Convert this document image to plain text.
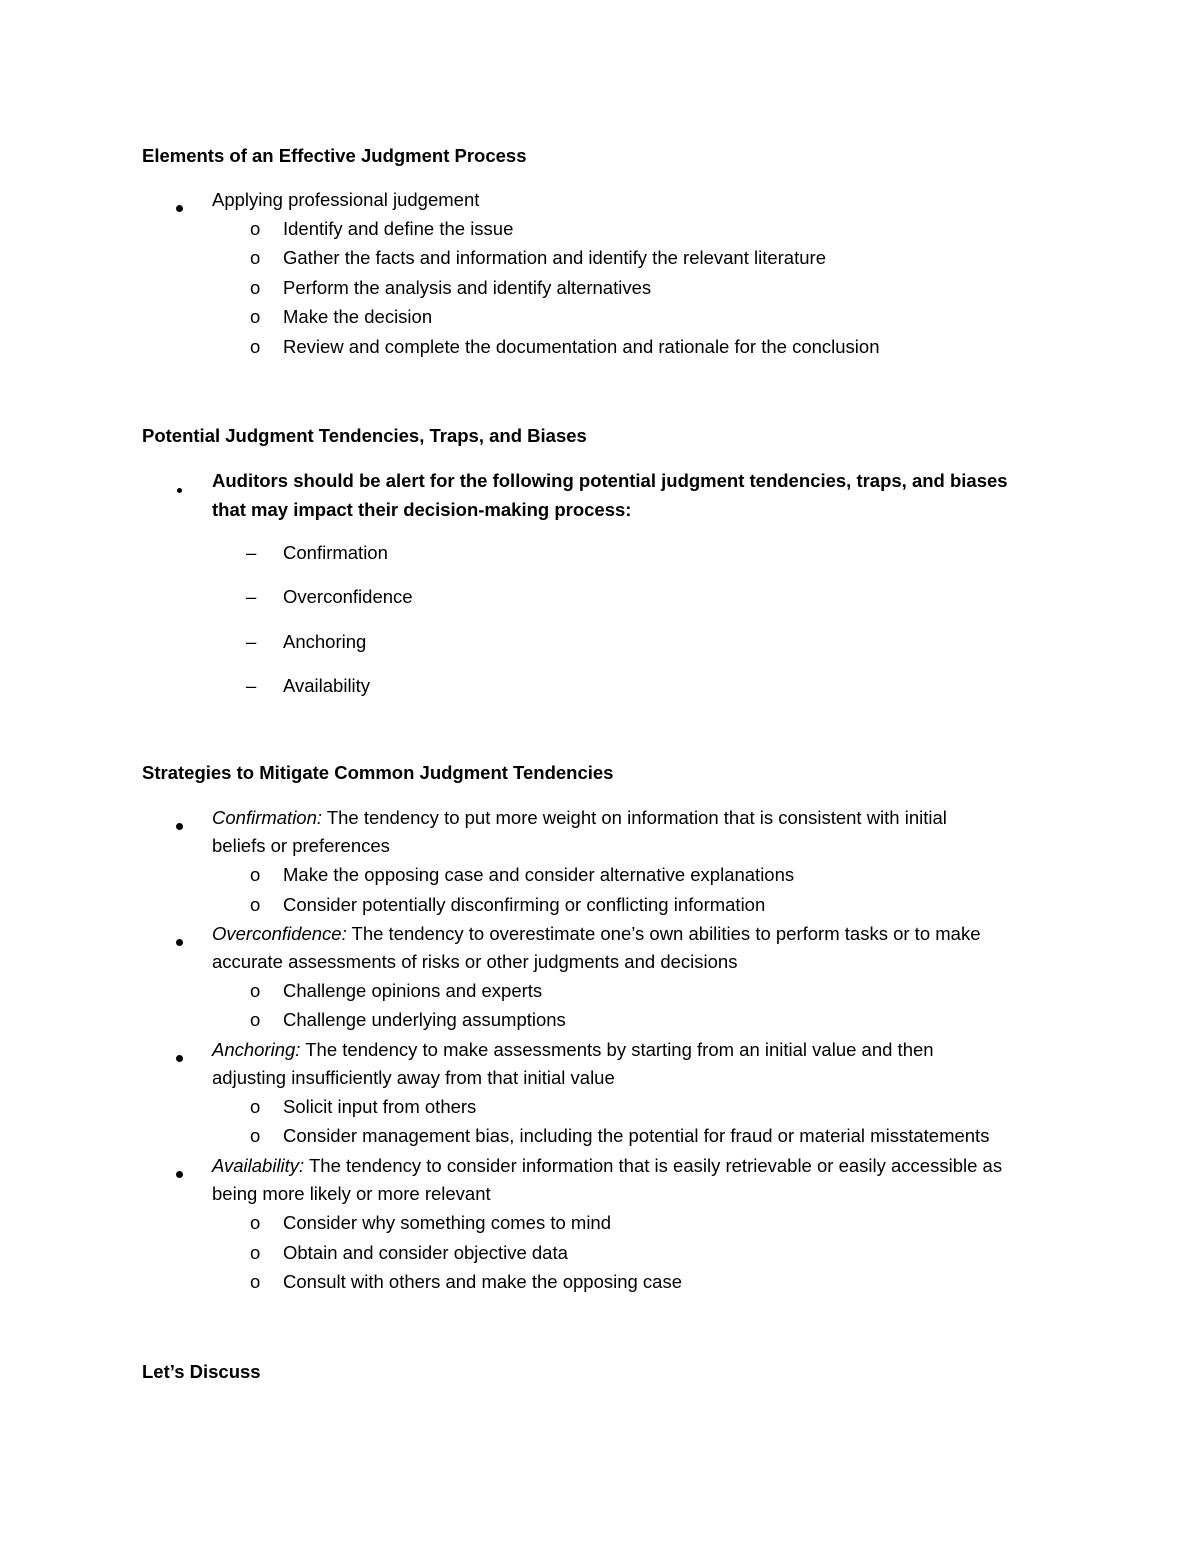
Elements of an Effective Judgment Process
Applying professional judgement
o Identify and define the issue
o Gather the facts and information and identify the relevant literature
o Perform the analysis and identify alternatives
o Make the decision
o Review and complete the documentation and rationale for the conclusion
Potential Judgment Tendencies, Traps, and Biases
Auditors should be alert for the following potential judgment tendencies, traps, and biases
that may impact their decision-making process:
– Confirmation
– Overconfidence
– Anchoring
– Availability
Strategies to Mitigate Common Judgment Tendencies
Confirmation: The tendency to put more weight on information that is consistent with initial
beliefs or preferences
o Make the opposing case and consider alternative explanations
o Consider potentially disconfirming or conflicting information
Overconfidence: The tendency to overestimate one’s own abilities to perform tasks or to make
accurate assessments of risks or other judgments and decisions
o Challenge opinions and experts
o Challenge underlying assumptions
Anchoring: The tendency to make assessments by starting from an initial value and then
adjusting insufficiently away from that initial value
o Solicit input from others
o Consider management bias, including the potential for fraud or material misstatements
Availability: The tendency to consider information that is easily retrievable or easily accessible as
being more likely or more relevant
o Consider why something comes to mind
o Obtain and consider objective data
o Consult with others and make the opposing case
Let’s Discuss
